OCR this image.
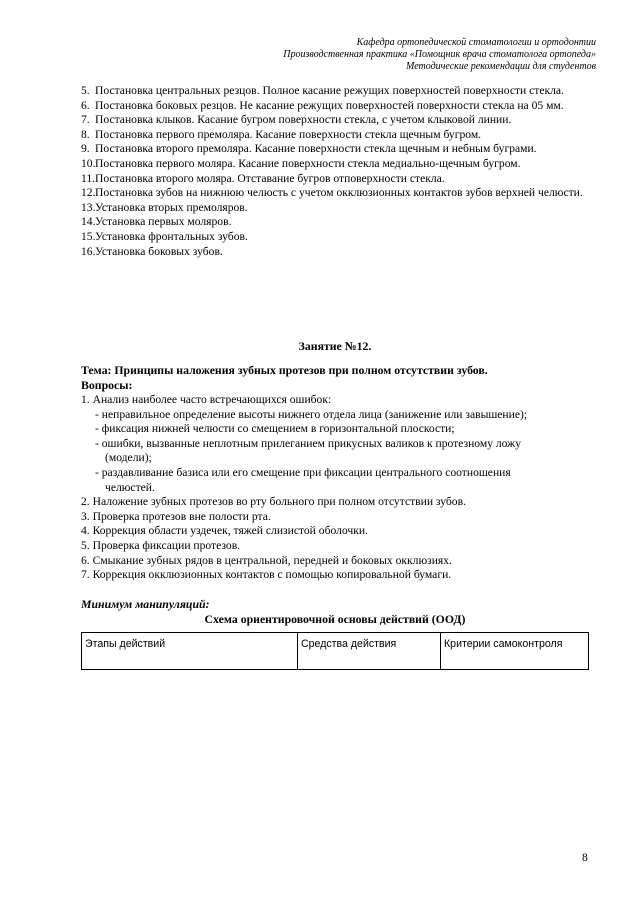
Кафедра ортопедической стоматологии и ортодонтии
Производственная практика «Помощник врача стоматолога ортопеда»
Методические рекомендации для студентов
5. Постановка центральных резцов. Полное касание режущих поверхностей поверхности стекла.
6. Постановка боковых резцов. Не касание режущих поверхностей поверхности стекла на 05 мм.
7. Постановка клыков. Касание бугром поверхности стекла, с учетом клыковой линии.
8. Постановка первого премоляра. Касание поверхности стекла щечным бугром.
9. Постановка второго премоляра. Касание поверхности стекла щечным и небным буграми.
10. Постановка первого моляра. Касание поверхности стекла медиально-щечным бугром.
11. Постановка второго моляра. Отставание бугров отповерхности стекла.
12. Постановка зубов на нижнюю челюсть с учетом окклюзионных контактов зубов верхней челюсти.
13. Установка вторых премоляров.
14. Установка первых моляров.
15. Установка фронтальных зубов.
16. Установка боковых зубов.
Занятие №12.
Тема: Принципы наложения зубных протезов при полном отсутствии зубов.
Вопросы:
1. Анализ наиболее часто встречающихся ошибок:
- неправильное определение высоты нижнего отдела лица (занижение или завышение);
- фиксация нижней челюсти со смещением в горизонтальной плоскости;
- ошибки, вызванные неплотным прилеганием прикусных валиков к протезному ложу
(модели);
- раздавливание базиса или его смещение при фиксации центрального соотношения
челюстей.
2. Наложение зубных протезов во рту больного при полном отсутствии зубов.
3. Проверка протезов вне полости рта.
4. Коррекция области уздечек, тяжей слизистой оболочки.
5. Проверка фиксации протезов.
6. Смыкание зубных рядов в центральной, передней и боковых окклюзиях.
7. Коррекция окклюзионных контактов с помощью копировальной бумаги.
Минимум манипуляций:
Схема ориентировочной основы действий (ООД)
Этапы действий	Средства действия	Критерии самоконтроля
8
